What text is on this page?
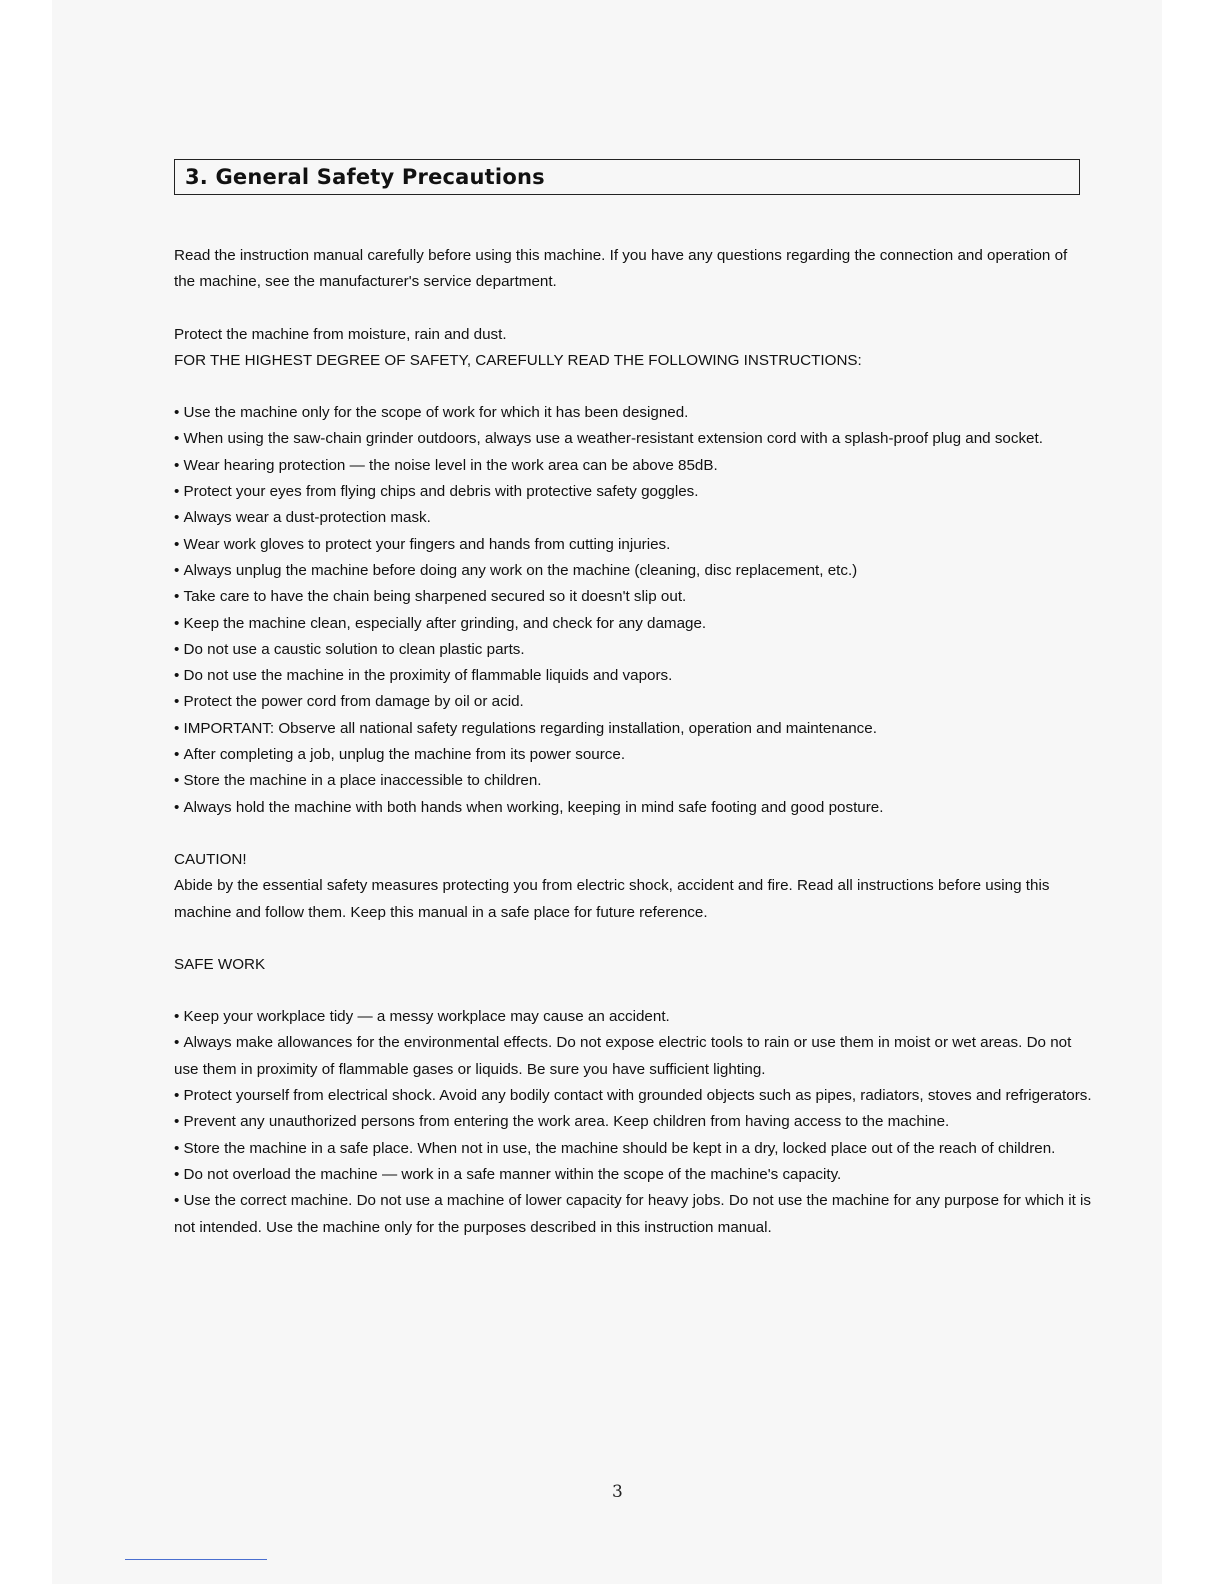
3. General Safety Precautions

Read the instruction manual carefully before using this machine. If you have any questions regarding the connection and operation of the machine, see the manufacturer's service department.

Protect the machine from moisture, rain and dust.

FOR THE HIGHEST DEGREE OF SAFETY, CAREFULLY READ THE FOLLOWING INSTRUCTIONS:

• Use the machine only for the scope of work for which it has been designed.
• When using the saw-chain grinder outdoors, always use a weather-resistant extension cord with a splash-proof plug and socket.
• Wear hearing protection — the noise level in the work area can be above 85dB.
• Protect your eyes from flying chips and debris with protective safety goggles.
• Always wear a dust-protection mask.
• Wear work gloves to protect your fingers and hands from cutting injuries.
• Always unplug the machine before doing any work on the machine (cleaning, disc replacement, etc.)
• Take care to have the chain being sharpened secured so it doesn't slip out.
• Keep the machine clean, especially after grinding, and check for any damage.
• Do not use a caustic solution to clean plastic parts.
• Do not use the machine in the proximity of flammable liquids and vapors.
• Protect the power cord from damage by oil or acid.
• IMPORTANT: Observe all national safety regulations regarding installation, operation and maintenance.
• After completing a job, unplug the machine from its power source.
• Store the machine in a place inaccessible to children.
• Always hold the machine with both hands when working, keeping in mind safe footing and good posture.

CAUTION!

Abide by the essential safety measures protecting you from electric shock, accident and fire. Read all instructions before using this machine and follow them. Keep this manual in a safe place for future reference.

SAFE WORK

• Keep your workplace tidy — a messy workplace may cause an accident.
• Always make allowances for the environmental effects. Do not expose electric tools to rain or use them in moist or wet areas. Do not use them in proximity of flammable gases or liquids. Be sure you have sufficient lighting.
• Protect yourself from electrical shock. Avoid any bodily contact with grounded objects such as pipes, radiators, stoves and refrigerators.
• Prevent any unauthorized persons from entering the work area. Keep children from having access to the machine.
• Store the machine in a safe place. When not in use, the machine should be kept in a dry, locked place out of the reach of children.
• Do not overload the machine — work in a safe manner within the scope of the machine's capacity.
• Use the correct machine. Do not use a machine of lower capacity for heavy jobs. Do not use the machine for any purpose for which it is not intended. Use the machine only for the purposes described in this instruction manual.
3
